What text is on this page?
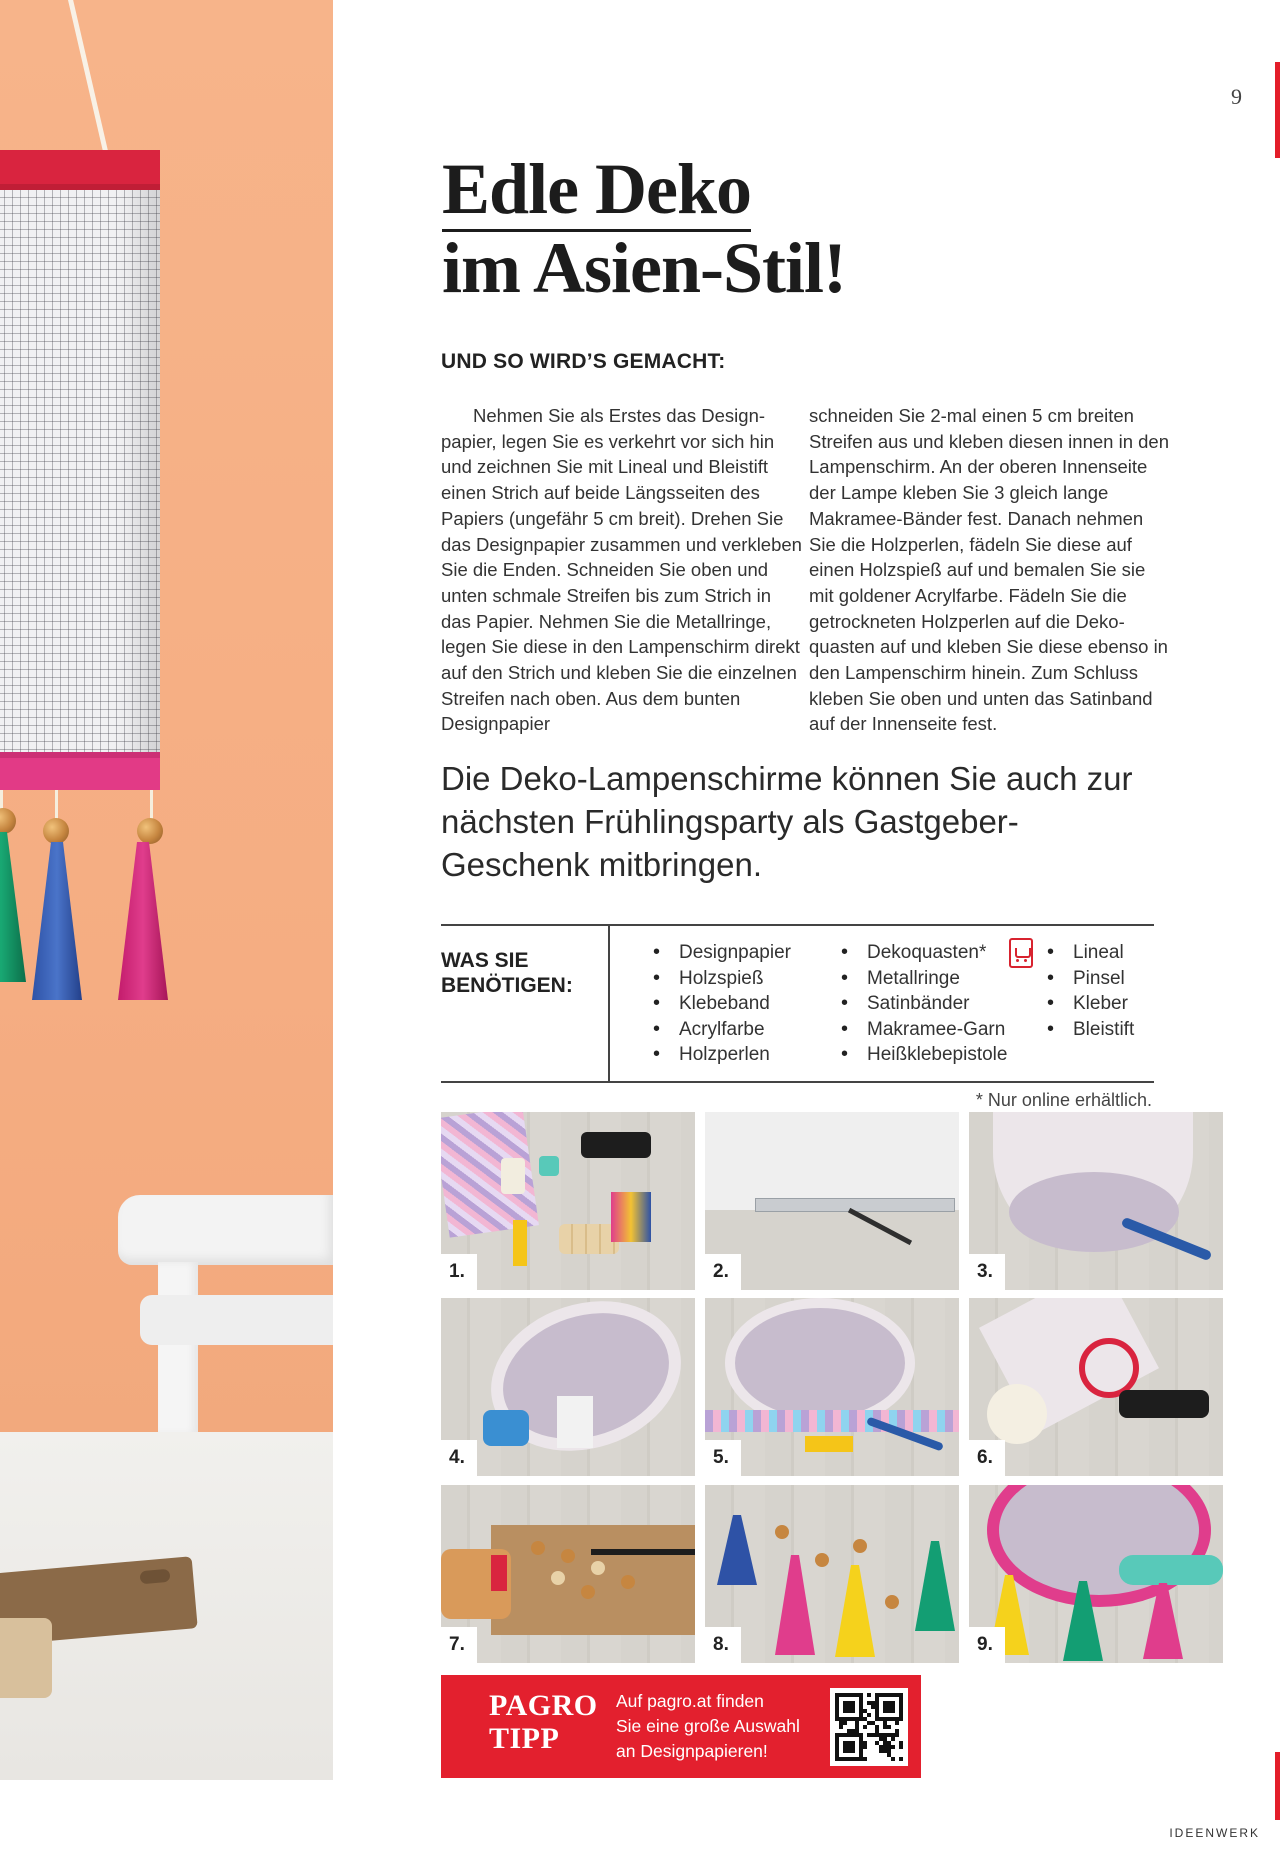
9
Edle Deko
im Asien-Stil!
UND SO WIRD’S GEMACHT:

Nehmen Sie als Erstes das Designpapier, legen Sie es verkehrt vor sich hin und zeichnen Sie mit Lineal und Bleistift einen Strich auf beide Längsseiten des Papiers (ungefähr 5 cm breit). Drehen Sie das Designpapier zusammen und verkleben Sie die Enden. Schneiden Sie oben und unten schmale Streifen bis zum Strich in das Papier. Nehmen Sie die Metallringe, legen Sie diese in den Lampenschirm direkt auf den Strich und kleben Sie die einzelnen Streifen nach oben. Aus dem bunten Designpapier

schneiden Sie 2-mal einen 5 cm breiten Streifen aus und kleben diesen innen in den Lampenschirm. An der oberen Innenseite der Lampe kleben Sie 3 gleich lange Makramee-Bänder fest. Danach nehmen Sie die Holzperlen, fädeln Sie diese auf einen Holzspieß auf und bemalen Sie sie mit goldener Acrylfarbe. Fädeln Sie die getrockneten Holzperlen auf die Dekoquasten auf und kleben Sie diese ebenso in den Lampenschirm hinein. Zum Schluss kleben Sie oben und unten das Satinband auf der Innenseite fest.

Die Deko-Lampenschirme können Sie auch zur nächsten Frühlingsparty als Gastgeber-Geschenk mitbringen.
WAS SIE
BENÖTIGEN:
• Designpapier
• Holzspieß
• Klebeband
• Acrylfarbe
• Holzperlen
• Dekoquasten*
• Metallringe
• Satinbänder
• Makramee-Garn
• Heißklebepistole
• Lineal
• Pinsel
• Kleber
• Bleistift
* Nur online erhältlich.
1.	2.	3.
4.	5.	6.
7.	8.	9.
PAGRO
TIPP
Auf pagro.at finden
Sie eine große Auswahl
an Designpapieren!
IDEENWERK
